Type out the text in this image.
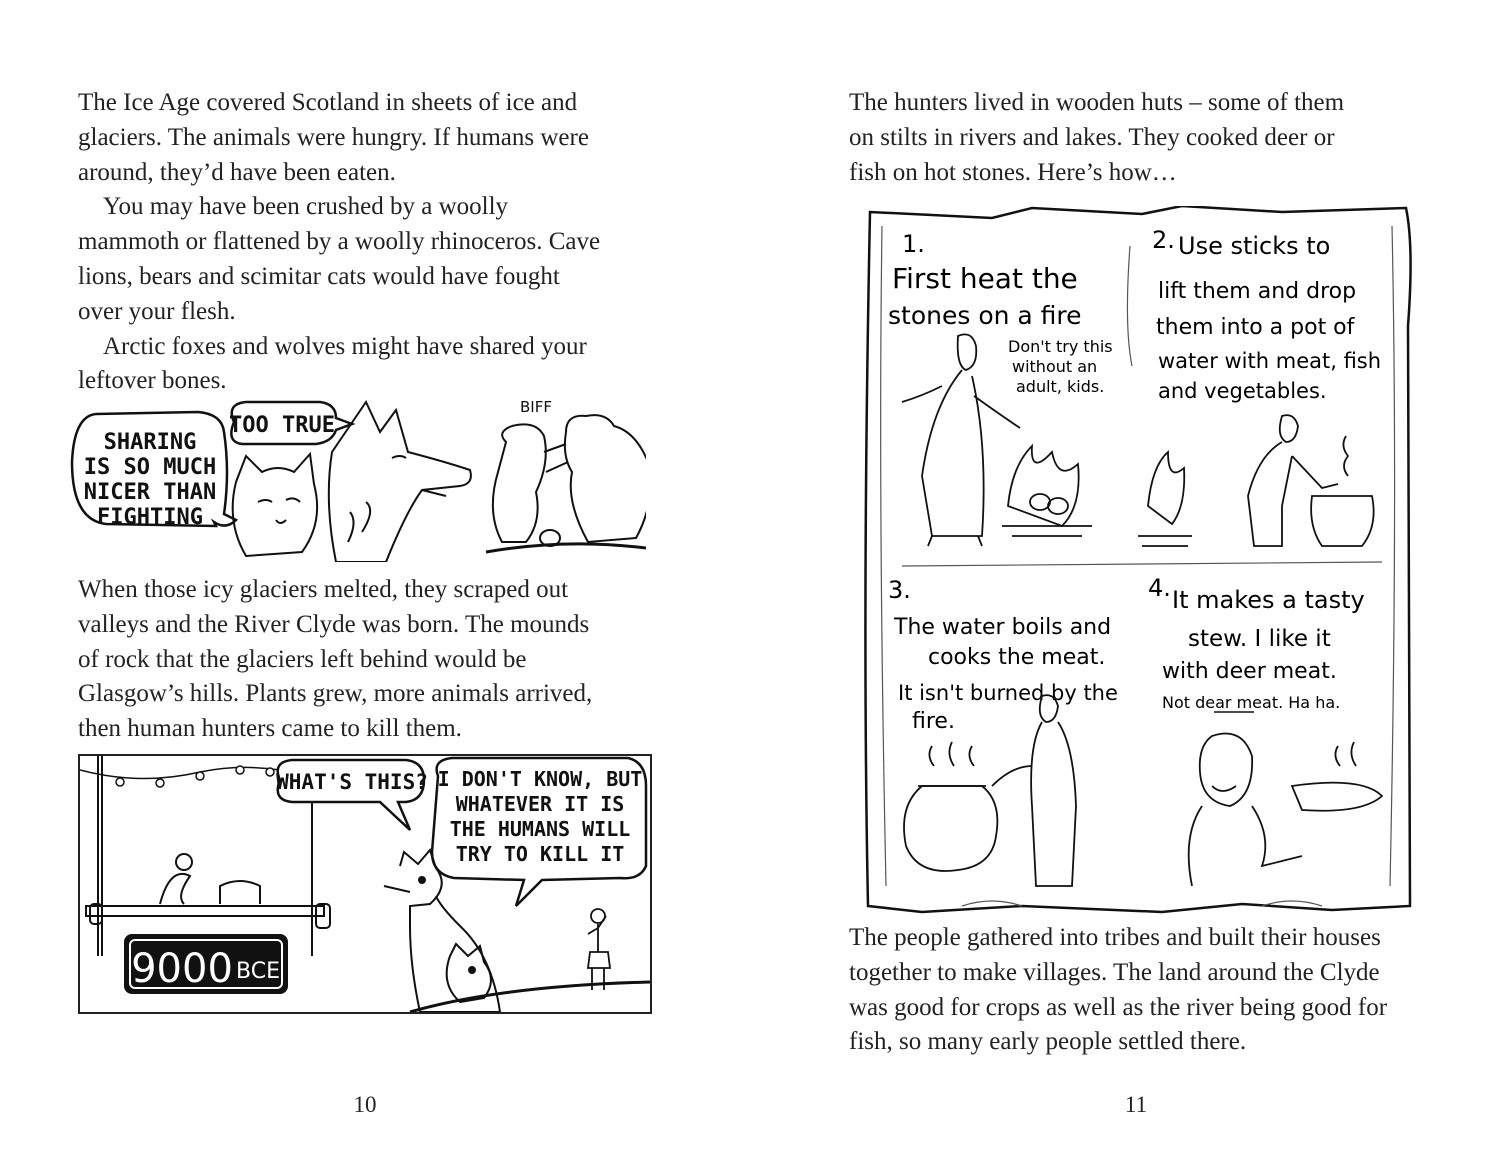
The Ice Age covered Scotland in sheets of ice and
glaciers. The animals were hungry. If humans were
around, they’d have been eaten.
 You may have been crushed by a woolly
mammoth or flattened by a woolly rhinoceros. Cave
lions, bears and scimitar cats would have fought
over your flesh.
 Arctic foxes and wolves might have shared your
leftover bones.

SHARING
IS SO MUCH
NICER THAN
FIGHTING
TOO TRUE
BIFF

When those icy glaciers melted, they scraped out
valleys and the River Clyde was born. The mounds
of rock that the glaciers left behind would be
Glasgow’s hills. Plants grew, more animals arrived,
then human hunters came to kill them.

9000 BCE
WHAT'S THIS? I DON'T KNOW, BUT
WHATEVER IT IS
THE HUMANS WILL
TRY TO KILL IT
10

The hunters lived in wooden huts – some of them
on stilts in rivers and lakes. They cooked deer or
fish on hot stones. Here’s how…

1.
First heat the
stones on a fire
Don't try this
without an
adult, kids.
2. Use sticks to
lift them and drop
them into a pot of
water with meat, fish
and vegetables.
3.
The water boils and
cooks the meat.
It isn't burned by the
fire.
4. It makes a tasty
stew. I like it
with deer meat.
Not dear meat. Ha ha.

The people gathered into tribes and built their houses
together to make villages. The land around the Clyde
was good for crops as well as the river being good for
fish, so many early people settled there.

11
